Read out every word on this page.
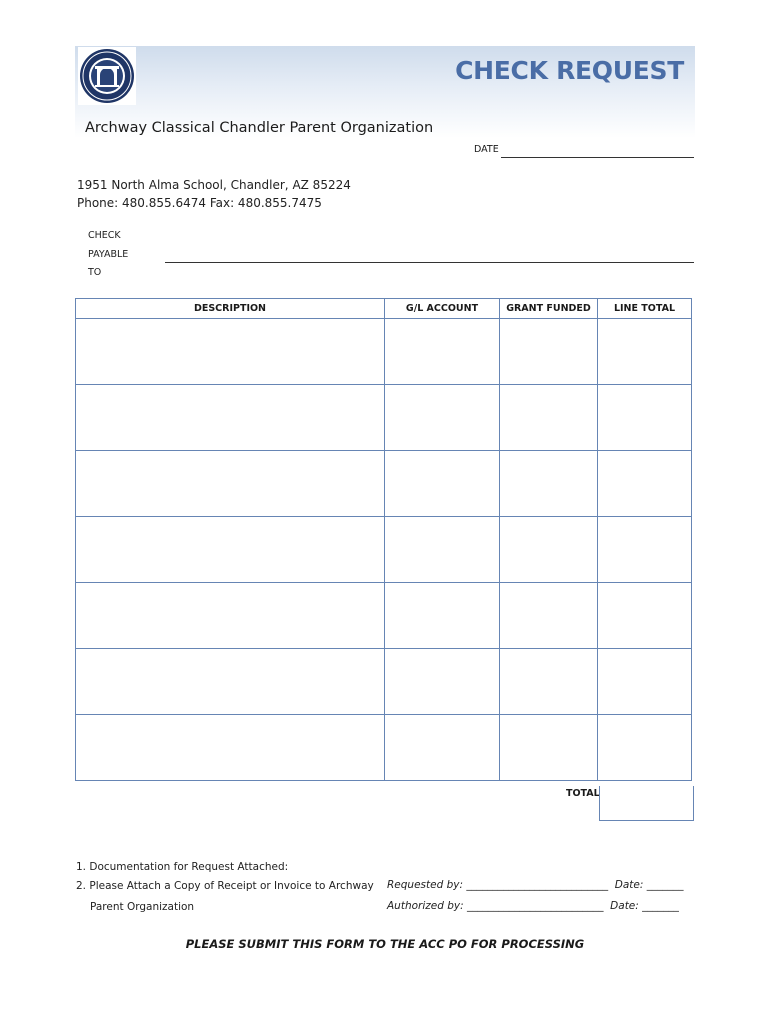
CHECK REQUEST
Archway Classical Chandler Parent Organization
DATE
1951 North Alma School, Chandler, AZ 85224
Phone: 480.855.6474 Fax: 480.855.7475
CHECK
PAYABLE
TO
DESCRIPTION	G/L ACCOUNT	GRANT FUNDED	LINE TOTAL

TOTAL
1. Documentation for Request Attached:
2. Please Attach a Copy of Receipt or Invoice to Archway
Parent Organization
Requested by: ___________________________  Date: _______
Authorized by: __________________________  Date: _______
PLEASE SUBMIT THIS FORM TO THE ACC PO FOR PROCESSING
